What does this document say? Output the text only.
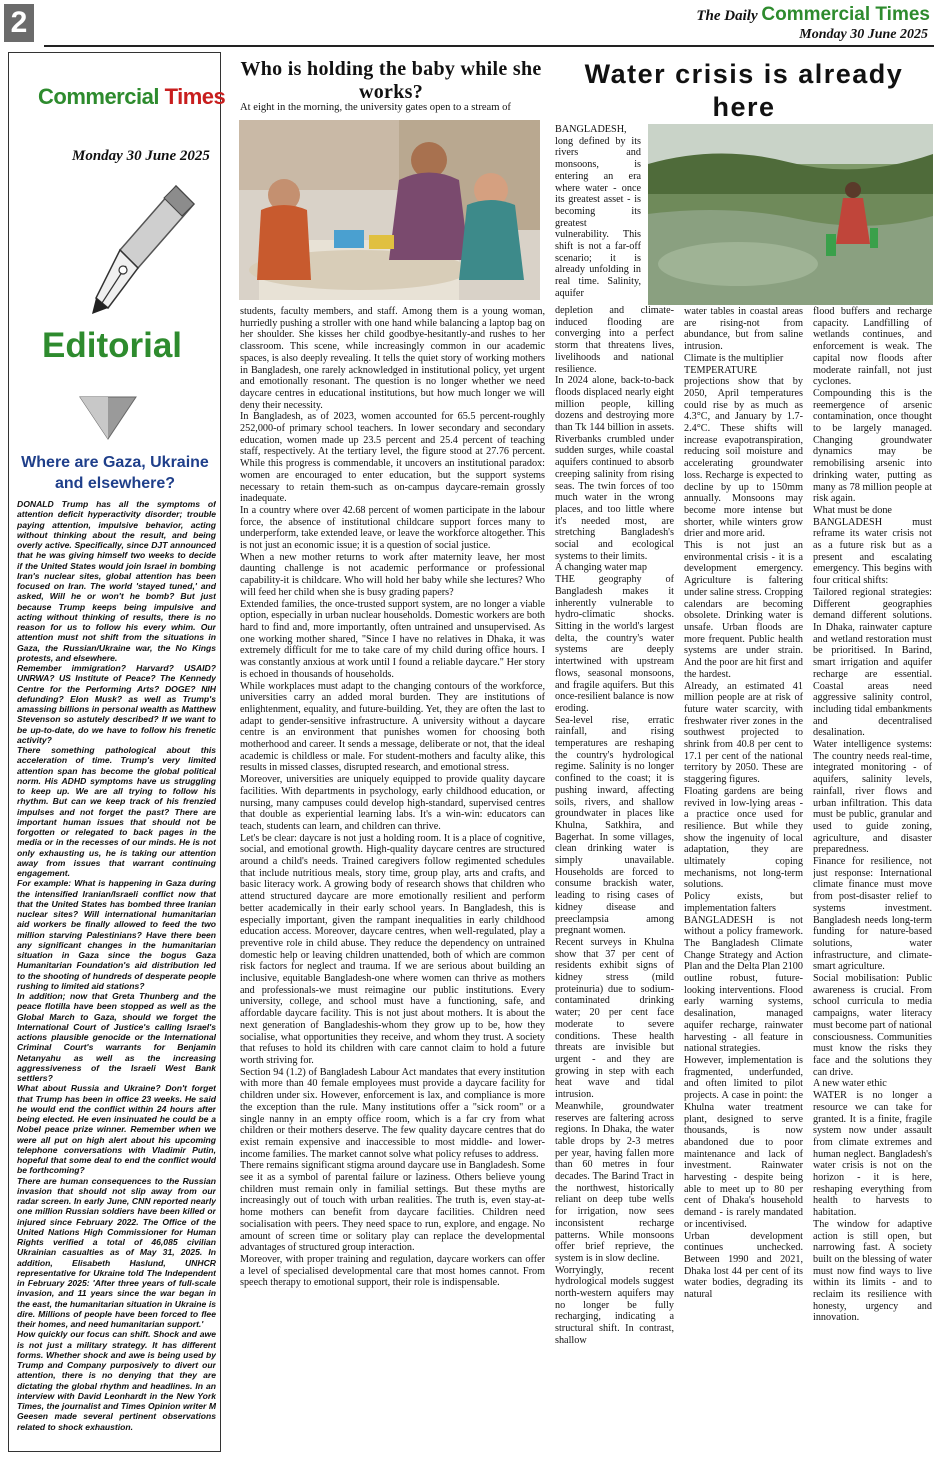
2	The Daily Commercial Times
Monday 30 June 2025
Commercial Times
Monday 30 June 2025
Editorial
Where are Gaza, Ukraine and elsewhere?

DONALD Trump has all the symptoms of attention deficit hyperactivity disorder; trouble paying attention, impulsive behavior, acting without thinking about the result, and being overly active. Specifically, since DJT announced that he was giving himself two weeks to decide if the United States would join Israel in bombing Iran's nuclear sites, global attention has been focused on Iran. The world 'stayed tuned,' and asked, Will he or won't he bomb? But just because Trump keeps being impulsive and acting without thinking of results, there is no reason for us to follow his every whim. Our attention must not shift from the situations in Gaza, the Russian/Ukraine war, the No Kings protests, and elsewhere.

Remember immigration? Harvard? USAID? UNRWA? US Institute of Peace? The Kennedy Centre for the Performing Arts? DOGE? NIH defunding? Elon Musk? as well as Trump's amassing billions in personal wealth as Matthew Stevenson so astutely described? If we want to be up-to-date, do we have to follow his frenetic activity?

There something pathological about this acceleration of time. Trump's very limited attention span has become the global political norm. His ADHD symptoms have us struggling to keep up. We are all trying to follow his rhythm. But can we keep track of his frenzied impulses and not forget the past? There are important human issues that should not be forgotten or relegated to back pages in the media or in the recesses of our minds. He is not only exhausting us, he is taking our attention away from issues that warrant continuing engagement.

For example: What is happening in Gaza during the intensified Iranian/Israeli conflict now that that the United States has bombed three Iranian nuclear sites? Will international humanitarian aid workers be finally allowed to feed the two million starving Palestinians? Have there been any significant changes in the humanitarian situation in Gaza since the bogus Gaza Humanitarian Foundation's aid distribution led to the shooting of hundreds of desperate people rushing to limited aid stations?

In addition; now that Greta Thunberg and the peace flotilla have been stopped as well as the Global March to Gaza, should we forget the International Court of Justice's calling Israel's actions plausible genocide or the International Criminal Court's warrants for Benjamin Netanyahu as well as the increasing aggressiveness of the Israeli West Bank settlers?

What about Russia and Ukraine? Don't forget that Trump has been in office 23 weeks. He said he would end the conflict within 24 hours after being elected. He even insinuated he could be a Nobel peace prize winner. Remember when we were all put on high alert about his upcoming telephone conversations with Vladimir Putin, hopeful that some deal to end the conflict would be forthcoming?

There are human consequences to the Russian invasion that should not slip away from our radar screen. In early June, CNN reported nearly one million Russian soldiers have been killed or injured since February 2022. The Office of the United Nations High Commissioner for Human Rights verified a total of 46,085 civilian Ukrainian casualties as of May 31, 2025. In addition, Elisabeth Haslund, UNHCR representative for Ukraine told The Independent in February 2025: 'After three years of full-scale invasion, and 11 years since the war began in the east, the humanitarian situation in Ukraine is dire. Millions of people have been forced to flee their homes, and need humanitarian support.'

How quickly our focus can shift. Shock and awe is not just a military strategy. It has different forms. Whether shock and awe is being used by Trump and Company purposively to divert our attention, there is no denying that they are dictating the global rhythm and headlines. In an interview with David Leonhardt in the New York Times, the journalist and Times Opinion writer M Geesen made several pertinent observations related to shock exhaustion.

Who is holding the baby while she works?
At eight in the morning, the university gates open to a stream of

students, faculty members, and staff. Among them is a young woman, hurriedly pushing a stroller with one hand while balancing a laptop bag on her shoulder. She kisses her child goodbye-hesitantly-and rushes to her classroom. This scene, while increasingly common in our academic spaces, is also deeply revealing. It tells the quiet story of working mothers in Bangladesh, one rarely acknowledged in institutional policy, yet urgent and emotionally resonant. The question is no longer whether we need daycare centres in educational institutions, but how much longer we will deny their necessity.

In Bangladesh, as of 2023, women accounted for 65.5 percent-roughly 252,000-of primary school teachers. In lower secondary and secondary education, women made up 23.5 percent and 25.4 percent of teaching staff, respectively. At the tertiary level, the figure stood at 27.76 percent. While this progress is commendable, it uncovers an institutional paradox: women are encouraged to enter education, but the support systems necessary to retain them-such as on-campus daycare-remain grossly inadequate.

In a country where over 42.68 percent of women participate in the labour force, the absence of institutional childcare support forces many to underperform, take extended leave, or leave the workforce altogether. This is not just an economic issue; it is a question of social justice.

When a new mother returns to work after maternity leave, her most daunting challenge is not academic performance or professional capability-it is childcare. Who will hold her baby while she lectures? Who will feed her child when she is busy grading papers?

Extended families, the once-trusted support system, are no longer a viable option, especially in urban nuclear households. Domestic workers are both hard to find and, more importantly, often untrained and unsupervised. As one working mother shared, "Since I have no relatives in Dhaka, it was extremely difficult for me to take care of my child during office hours. I was constantly anxious at work until I found a reliable daycare." Her story is echoed in thousands of households.

While workplaces must adapt to the changing contours of the workforce, universities carry an added moral burden. They are institutions of enlightenment, equality, and future-building. Yet, they are often the last to adapt to gender-sensitive infrastructure. A university without a daycare centre is an environment that punishes women for choosing both motherhood and career. It sends a message, deliberate or not, that the ideal academic is childless or male. For student-mothers and faculty alike, this results in missed classes, disrupted research, and emotional stress.

Moreover, universities are uniquely equipped to provide quality daycare facilities. With departments in psychology, early childhood education, or nursing, many campuses could develop high-standard, supervised centres that double as experiential learning labs. It's a win-win: educators can teach, students can learn, and children can thrive.

Let's be clear: daycare is not just a holding room. It is a place of cognitive, social, and emotional growth. High-quality daycare centres are structured around a child's needs. Trained caregivers follow regimented schedules that include nutritious meals, story time, group play, arts and crafts, and basic literacy work. A growing body of research shows that children who attend structured daycare are more emotionally resilient and perform better academically in their early school years. In Bangladesh, this is especially important, given the rampant inequalities in early childhood education access. Moreover, daycare centres, when well-regulated, play a preventive role in child abuse. They reduce the dependency on untrained domestic help or leaving children unattended, both of which are common risk factors for neglect and trauma. If we are serious about building an inclusive, equitable Bangladesh-one where women can thrive as mothers and professionals-we must reimagine our public institutions. Every university, college, and school must have a functioning, safe, and affordable daycare facility. This is not just about mothers. It is about the next generation of Bangladeshis-whom they grow up to be, how they socialise, what opportunities they receive, and whom they trust. A society that refuses to hold its children with care cannot claim to hold a future worth striving for.

Section 94 (1.2) of Bangladesh Labour Act mandates that every institution with more than 40 female employees must provide a daycare facility for children under six. However, enforcement is lax, and compliance is more the exception than the rule. Many institutions offer a "sick room" or a single nanny in an empty office room, which is a far cry from what children or their mothers deserve. The few quality daycare centres that do exist remain expensive and inaccessible to most middle- and lower-income families. The market cannot solve what policy refuses to address.

There remains significant stigma around daycare use in Bangladesh. Some see it as a symbol of parental failure or laziness. Others believe young children must remain only in familial settings. But these myths are increasingly out of touch with urban realities. The truth is, even stay-at-home mothers can benefit from daycare facilities. Children need socialisation with peers. They need space to run, explore, and engage. No amount of screen time or solitary play can replace the developmental advantages of structured group interaction.

Moreover, with proper training and regulation, daycare workers can offer a level of specialised developmental care that most homes cannot. From speech therapy to emotional support, their role is indispensable.

Water crisis is already here

BANGLADESH, long defined by its rivers and monsoons, is entering an era where water - once its greatest asset - is becoming its greatest vulnerability. This shift is not a far-off scenario; it is already unfolding in real time. Salinity, aquifer

depletion and climate-induced flooding are converging into a perfect storm that threatens lives, livelihoods and national resilience.

In 2024 alone, back-to-back floods displaced nearly eight million people, killing dozens and destroying more than Tk 144 billion in assets. Riverbanks crumbled under sudden surges, while coastal aquifers continued to absorb creeping salinity from rising seas. The twin forces of too much water in the wrong places, and too little where it's needed most, are stretching Bangladesh's social and ecological systems to their limits.

A changing water map

THE geography of Bangladesh makes it inherently vulnerable to hydro-climatic shocks. Sitting in the world's largest delta, the country's water systems are deeply intertwined with upstream flows, seasonal monsoons, and fragile aquifers. But this once-resilient balance is now eroding.

Sea-level rise, erratic rainfall, and rising temperatures are reshaping the country's hydrological regime. Salinity is no longer confined to the coast; it is pushing inward, affecting soils, rivers, and shallow groundwater in places like Khulna, Satkhira, and Bagerhat. In some villages, clean drinking water is simply unavailable. Households are forced to consume brackish water, leading to rising cases of kidney disease and preeclampsia among pregnant women.

Recent surveys in Khulna show that 37 per cent of residents exhibit signs of kidney stress (mild proteinuria) due to sodium-contaminated drinking water; 20 per cent face moderate to severe conditions. These health threats are invisible but urgent - and they are growing in step with each heat wave and tidal intrusion.

Meanwhile, groundwater reserves are faltering across regions. In Dhaka, the water table drops by 2-3 metres per year, having fallen more than 60 metres in four decades. The Barind Tract in the northwest, historically reliant on deep tube wells for irrigation, now sees inconsistent recharge patterns. While monsoons offer brief reprieve, the system is in slow decline.

Worryingly, recent hydrological models suggest north-western aquifers may no longer be fully recharging, indicating a structural shift. In contrast, shallow

water tables in coastal areas are rising-not from abundance, but from saline intrusion.

Climate is the multiplier

TEMPERATURE projections show that by 2050, April temperatures could rise by as much as 4.3°C, and January by 1.7-2.4°C. These shifts will increase evapotranspiration, reducing soil moisture and accelerating groundwater loss. Recharge is expected to decline by up to 150mm annually. Monsoons may become more intense but shorter, while winters grow drier and more arid.

This is not just an environmental crisis - it is a development emergency. Agriculture is faltering under saline stress. Cropping calendars are becoming obsolete. Drinking water is unsafe. Urban floods are more frequent. Public health systems are under strain. And the poor are hit first and the hardest.

Already, an estimated 41 million people are at risk of future water scarcity, with freshwater river zones in the southwest projected to shrink from 40.8 per cent to 17.1 per cent of the national territory by 2050. These are staggering figures.

Floating gardens are being revived in low-lying areas - a practice once used for resilience. But while they show the ingenuity of local adaptation, they are ultimately coping mechanisms, not long-term solutions.

Policy exists, but implementation falters

BANGLADESH is not without a policy framework. The Bangladesh Climate Change Strategy and Action Plan and the Delta Plan 2100 outline robust, future-looking interventions. Flood early warning systems, desalination, managed aquifer recharge, rainwater harvesting - all feature in national strategies.

However, implementation is fragmented, underfunded, and often limited to pilot projects. A case in point: the Khulna water treatment plant, designed to serve thousands, is now abandoned due to poor maintenance and lack of investment. Rainwater harvesting - despite being able to meet up to 80 per cent of Dhaka's household demand - is rarely mandated or incentivised.

Urban development continues unchecked. Between 1990 and 2021, Dhaka lost 44 per cent of its water bodies, degrading its natural

flood buffers and recharge capacity. Landfilling of wetlands continues, and enforcement is weak. The capital now floods after moderate rainfall, not just cyclones.

Compounding this is the reemergence of arsenic contamination, once thought to be largely managed. Changing groundwater dynamics may be remobilising arsenic into drinking water, putting as many as 78 million people at risk again.

What must be done

BANGLADESH must reframe its water crisis not as a future risk but as a present and escalating emergency. This begins with four critical shifts:

Tailored regional strategies: Different geographies demand different solutions. In Dhaka, rainwater capture and wetland restoration must be prioritised. In Barind, smart irrigation and aquifer recharge are essential. Coastal areas need aggressive salinity control, including tidal embankments and decentralised desalination.

Water intelligence systems: The country needs real-time, integrated monitoring - of aquifers, salinity levels, rainfall, river flows and urban infiltration. This data must be public, granular and used to guide zoning, agriculture, and disaster preparedness.

Finance for resilience, not just response: International climate finance must move from post-disaster relief to systems investment. Bangladesh needs long-term funding for nature-based solutions, water infrastructure, and climate-smart agriculture.

Social mobilisation: Public awareness is crucial. From school curricula to media campaigns, water literacy must become part of national consciousness. Communities must know the risks they face and the solutions they can drive.

A new water ethic

WATER is no longer a resource we can take for granted. It is a finite, fragile system now under assault from climate extremes and human neglect. Bangladesh's water crisis is not on the horizon - it is here, reshaping everything from health to harvests to habitation.

The window for adaptive action is still open, but narrowing fast. A society built on the blessing of water must now find ways to live within its limits - and to reclaim its resilience with honesty, urgency and innovation.
